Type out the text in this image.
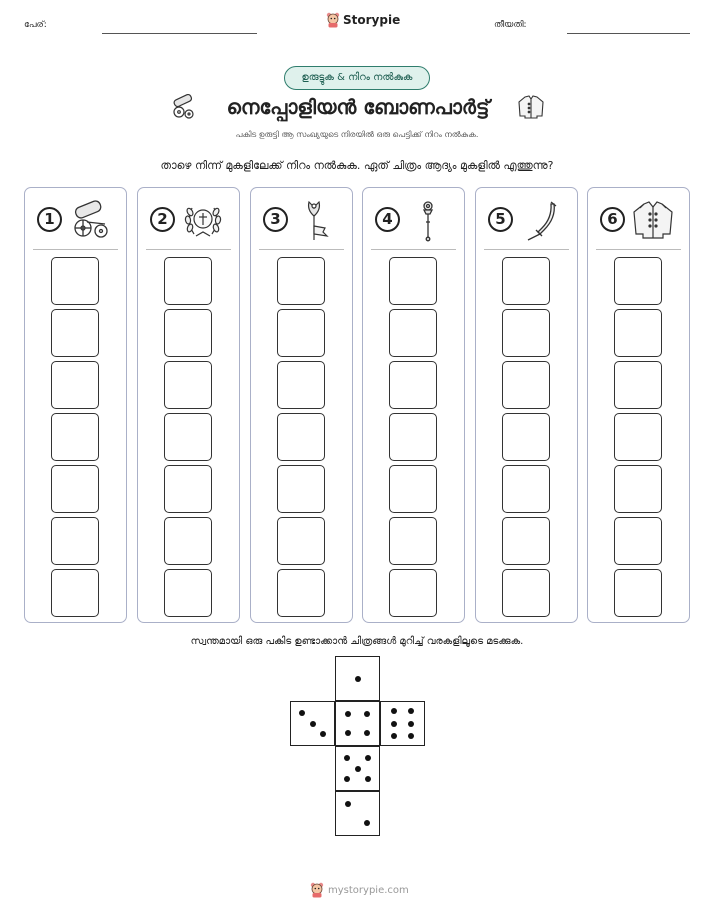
പേര്:	Storypie	തീയതി:
ഉരുട്ടുക & നിറം നൽകുക
നെപ്പോളിയൻ ബോണപാർട്ട്
പകിട ഉരുട്ടി ആ സംഖ്യയുടെ നിരയിൽ ഒരു പെട്ടിക്ക് നിറം നൽകുക.
താഴെ നിന്ന് മുകളിലേക്ക് നിറം നൽകുക. ഏത് ചിത്രം ആദ്യം മുകളിൽ എത്തുന്നു?
1	2	3	4	5	6
സ്വന്തമായി ഒരു പകിട ഉണ്ടാക്കാൻ ചിത്രങ്ങൾ മുറിച്ച് വരകളിലൂടെ മടക്കുക.
mystorypie.com
